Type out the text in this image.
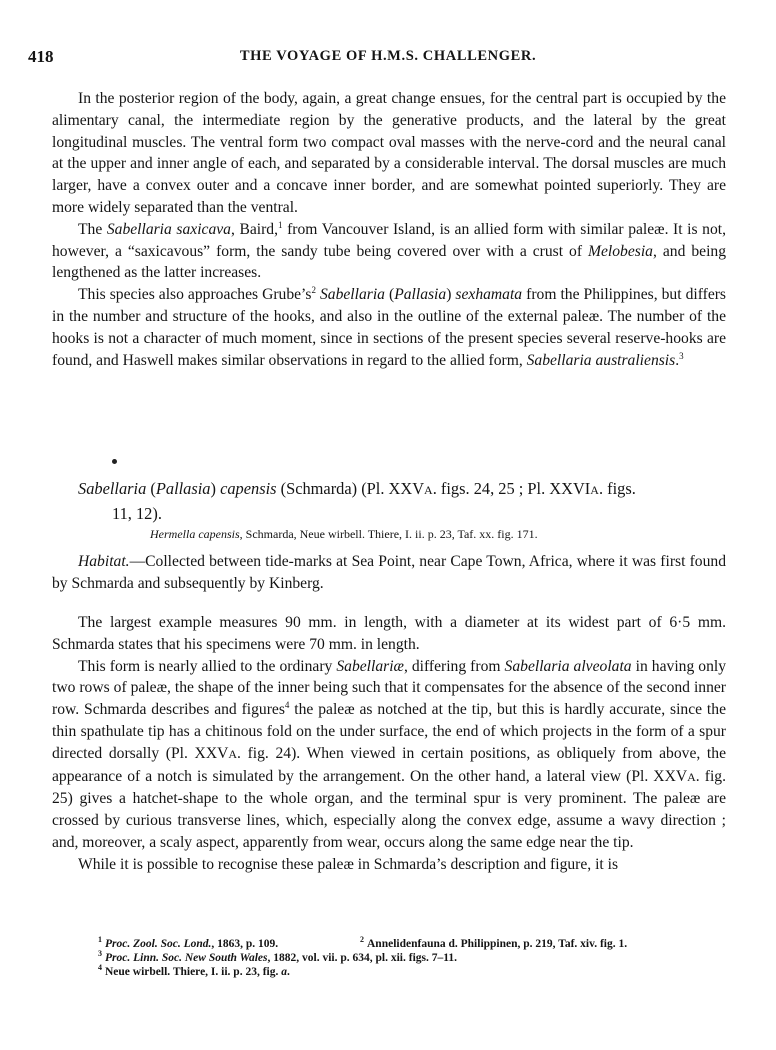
418	THE VOYAGE OF H.M.S. CHALLENGER.

In the posterior region of the body, again, a great change ensues, for the central part is occupied by the alimentary canal, the intermediate region by the generative products, and the lateral by the great longitudinal muscles. The ventral form two compact oval masses with the nerve-cord and the neural canal at the upper and inner angle of each, and separated by a considerable interval. The dorsal muscles are much larger, have a convex outer and a concave inner border, and are somewhat pointed superiorly. They are more widely separated than the ventral.

The Sabellaria saxicava, Baird,$^1$ from Vancouver Island, is an allied form with similar paleæ. It is not, however, a “saxicavous” form, the sandy tube being covered over with a crust of Melobesia, and being lengthened as the latter increases.

This species also approaches $Grube’s^2$ Sabellaria (Pallasia) sexhamata from the Philippines, but differs in the number and structure of the hooks, and also in the outline of the external paleæ. The number of the hooks is not a character of much moment, since in sections of the present species several reserve-hooks are found, and Haswell makes similar observations in regard to the allied form, Sabellaria australiensis.$^3$

Sabellaria (Pallasia) capensis (Schmarda) (Pl. XXVA. figs. 24, 25 ; Pl. XXVIA. figs.
11, 12).
Hermella capensis, Schmarda, Neue wirbell. Thiere, I. ii. p. 23, Taf. xx. fig. 171.

Habitat.—Collected between tide-marks at Sea Point, near Cape Town, Africa, where it was first found by Schmarda and subsequently by Kinberg.

The largest example measures 90 mm. in length, with a diameter at its widest part of 6·5 mm. Schmarda states that his specimens were 70 mm. in length.

This form is nearly allied to the ordinary Sabellariæ, differing from Sabellaria alveolata in having only two rows of paleæ, the shape of the inner being such that it compensates for the absence of the second inner row. Schmarda describes and figures$^4$ the paleæ as notched at the tip, but this is hardly accurate, since the thin spathulate tip has a chitinous fold on the under surface, the end of which projects in the form of a spur directed dorsally (Pl. XXVA. fig. 24). When viewed in certain positions, as obliquely from above, the appearance of a notch is simulated by the arrangement. On the other hand, a lateral view (Pl. XXVA. fig. 25) gives a hatchet-shape to the whole organ, and the terminal spur is very prominent. The paleæ are crossed by curious transverse lines, which, especially along the convex edge, assume a wavy direction ; and, moreover, a scaly aspect, apparently from wear, occurs along the same edge near the tip.

While it is possible to recognise these paleæ in Schmarda’s description and figure, it is

$^1$ Proc. Zool. Soc. Lond., 1863, p. 109.	$^2$ Annelidenfauna d. Philippinen, p. 219, Taf. xiv. fig. 1.
$^3$ Proc. Linn. Soc. New South Wales, 1882, vol. vii. p. 634, pl. xii. figs. 7–11.
$^4$ Neue wirbell. Thiere, I. ii. p. 23, fig. a.
